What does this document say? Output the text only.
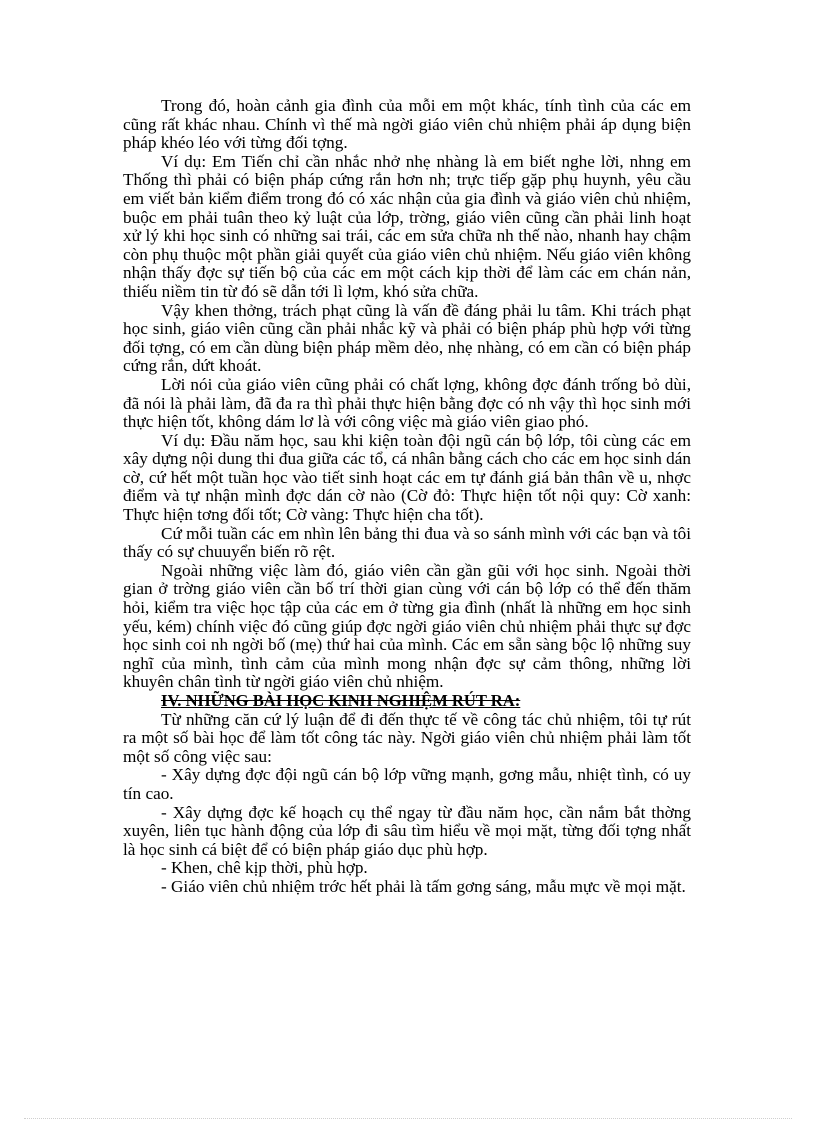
Trong đó, hoàn cảnh gia đình của mỗi em một khác, tính tình của các em cũng rất khác nhau. Chính vì thế mà ngời giáo viên chủ nhiệm phải áp dụng biện pháp khéo léo với từng đối tợng.

Ví dụ: Em Tiến chỉ cần nhắc nhở nhẹ nhàng là em biết nghe lời, nhng em Thống thì phải có biện pháp cứng rắn hơn nh; trực tiếp gặp phụ huynh, yêu cầu em viết bản kiểm điểm trong đó có xác nhận của gia đình và giáo viên chủ nhiệm, buộc em phải tuân theo kỷ luật của lớp, trờng, giáo viên cũng cần phải linh hoạt xử lý khi học sinh có những sai trái, các em sửa chữa nh thế nào, nhanh hay chậm còn phụ thuộc một phần giải quyết của giáo viên chủ nhiệm. Nếu giáo viên không nhận thấy đợc sự tiến bộ của các em một cách kịp thời để làm các em chán nản, thiếu niềm tin từ đó sẽ dẫn tới lì lợm, khó sửa chữa.

Vậy khen thởng, trách phạt cũng là vấn đề đáng phải lu tâm. Khi trách phạt học sinh, giáo viên cũng cần phải nhắc kỹ và phải có biện pháp phù hợp với từng đối tợng, có em cần dùng biện pháp mềm dẻo, nhẹ nhàng, có em cần có biện pháp cứng rắn, dứt khoát.

Lời nói của giáo viên cũng phải có chất lợng, không đợc đánh trống bỏ dùi, đã nói là phải làm, đã đa ra thì phải thực hiện bằng đợc có nh vậy thì học sinh mới thực hiện tốt, không dám lơ là với công việc mà giáo viên giao phó.

Ví dụ: Đầu năm học, sau khi kiện toàn đội ngũ cán bộ lớp, tôi cùng các em xây dựng nội dung thi đua giữa các tổ, cá nhân bằng cách cho các em học sinh dán cờ, cứ hết một tuần học vào tiết sinh hoạt các em tự đánh giá bản thân về u, nhợc điểm và tự nhận mình đợc dán cờ nào (Cờ đỏ: Thực hiện tốt nội quy: Cờ xanh: Thực hiện tơng đối tốt; Cờ vàng: Thực hiện cha tốt).

Cứ mỗi tuần các em nhìn lên bảng thi đua và so sánh mình với các bạn và tôi thấy có sự chuuyển biến rõ rệt.

Ngoài những việc làm đó, giáo viên cần gần gũi với học sinh. Ngoài thời gian ở trờng giáo viên cần bố trí thời gian cùng với cán bộ lớp có thể đến thăm hỏi, kiểm tra việc học tập của các em ở từng gia đình (nhất là những em học sinh yếu, kém) chính việc đó cũng giúp đợc ngời giáo viên chủ nhiệm phải thực sự đợc học sinh coi nh ngời bố (mẹ) thứ hai của mình. Các em sẵn sàng bộc lộ những suy nghĩ của mình, tình cảm của mình mong nhận đợc sự cảm thông, những lời khuyên chân tình từ ngời giáo viên chủ nhiệm.

IV. NHỮNG BÀI HỌC KINH NGHIỆM RÚT RA:

Từ những căn cứ lý luận để đi đến thực tế về công tác chủ nhiệm, tôi tự rút ra một số bài học để làm tốt công tác này. Ngời giáo viên chủ nhiệm phải làm tốt một số công việc sau:

- Xây dựng đợc đội ngũ cán bộ lớp vững mạnh, gơng mẫu, nhiệt tình, có uy tín cao.

- Xây dựng đợc kế hoạch cụ thể ngay từ đầu năm học, cần nắm bắt thờng xuyên, liên tục hành động của lớp đi sâu tìm hiểu về mọi mặt, từng đối tợng nhất là học sinh cá biệt để có biện pháp giáo dục phù hợp.

- Khen, chê kịp thời, phù hợp.

- Giáo viên chủ nhiệm trớc hết phải là tấm gơng sáng, mẫu mực về mọi mặt.
